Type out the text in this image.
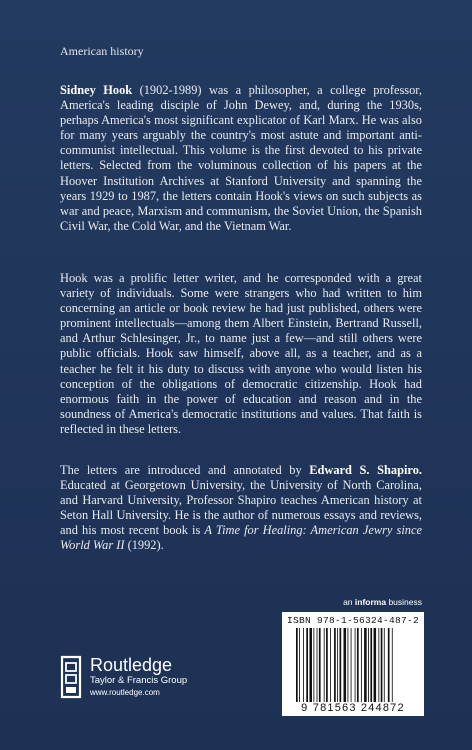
American history

Sidney Hook (1902-1989) was a philosopher, a college professor, America's leading disciple of John Dewey, and, during the 1930s, perhaps America's most significant explicator of Karl Marx. He was also for many years arguably the country's most astute and important anti-communist intellectual. This volume is the first devoted to his private letters. Selected from the voluminous collection of his papers at the Hoover Institution Archives at Stanford University and spanning the years 1929 to 1987, the letters contain Hook's views on such subjects as war and peace, Marxism and communism, the Soviet Union, the Spanish Civil War, the Cold War, and the Vietnam War.

Hook was a prolific letter writer, and he corresponded with a great variety of individuals. Some were strangers who had written to him concerning an article or book review he had just published, others were prominent intellectuals—among them Albert Einstein, Bertrand Russell, and Arthur Schlesinger, Jr., to name just a few—and still others were public officials. Hook saw himself, above all, as a teacher, and as a teacher he felt it his duty to discuss with anyone who would listen his conception of the obligations of democratic citizenship. Hook had enormous faith in the power of education and reason and in the soundness of America's democratic institutions and values. That faith is reflected in these letters.

The letters are introduced and annotated by Edward S. Shapiro. Educated at Georgetown University, the University of North Carolina, and Harvard University, Professor Shapiro teaches American history at Seton Hall University. He is the author of numerous essays and reviews, and his most recent book is A Time for Healing: American Jewry since World War II (1992).

an informa business
ISBN 978-1-56324-487-2
9 781563 244872
Routledge
Taylor & Francis Group
www.routledge.com
